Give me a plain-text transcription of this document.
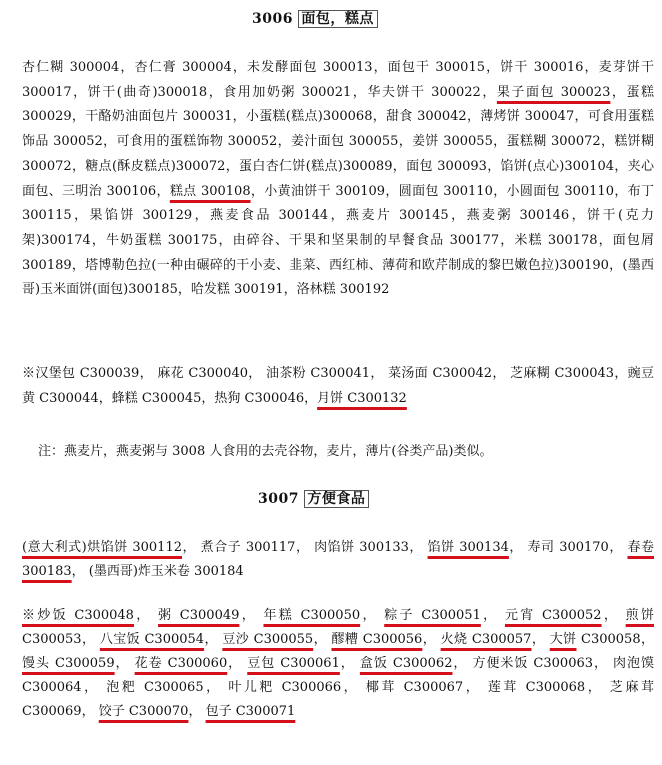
3006 面包，糕点

杏仁糊 300004，杏仁膏 300004，未发酵面包 300013，面包干 300015，饼干 300016，麦芽饼干 300017，饼干(曲奇)300018，食用加奶粥 300021，华夫饼干 300022，果子面包 300023，蛋糕 300029，干酪奶油面包片 300031，小蛋糕(糕点)300068，甜食 300042，薄烤饼 300047，可食用蛋糕饰品 300052，可食用的蛋糕饰物 300052，姜汁面包 300055，姜饼 300055，蛋糕糊 300072，糕饼糊 300072，糖点(酥皮糕点)300072，蛋白杏仁饼(糕点)300089，面包 300093，馅饼(点心)300104，夹心面包、三明治 300106，糕点 300108，小黄油饼干 300109，圆面包 300110，小圆面包 300110，布丁 300115，果馅饼 300129，燕麦食品 300144，燕麦片 300145，燕麦粥 300146，饼干(克力架)300174，牛奶蛋糕 300175，由碎谷、干果和坚果制的早餐食品 300177，米糕 300178，面包屑 300189，塔博勒色拉(一种由碾碎的干小麦、韭菜、西红柿、薄荷和欧芹制成的黎巴嫩色拉)300190，(墨西哥)玉米面饼(面包)300185，哈发糕 300191，洛林糕 300192

※汉堡包 C300039， 麻花 C300040， 油茶粉 C300041， 菜汤面 C300042， 芝麻糊 C300043，豌豆黄 C300044，蜂糕 C300045，热狗 C300046，月饼 C300132

注：燕麦片，燕麦粥与 3008 人食用的去壳谷物，麦片，薄片(谷类产品)类似。

3007 方便食品

(意大利式)烘馅饼 300112， 煮合子 300117， 肉馅饼 300133， 馅饼 300134， 寿司 300170， 春卷 300183， (墨西哥)炸玉米卷 300184

※炒饭 C300048， 粥 C300049， 年糕 C300050， 粽子 C300051， 元宵 C300052， 煎饼 C300053， 八宝饭 C300054， 豆沙 C300055， 醪糟 C300056， 火烧 C300057， 大饼 C300058， 馒头 C300059， 花卷 C300060， 豆包 C300061， 盒饭 C300062， 方便米饭 C300063， 肉泡馍 C300064， 泡粑 C300065， 叶儿粑 C300066， 椰茸 C300067， 莲茸 C300068， 芝麻茸 C300069， 饺子 C300070， 包子 C300071
